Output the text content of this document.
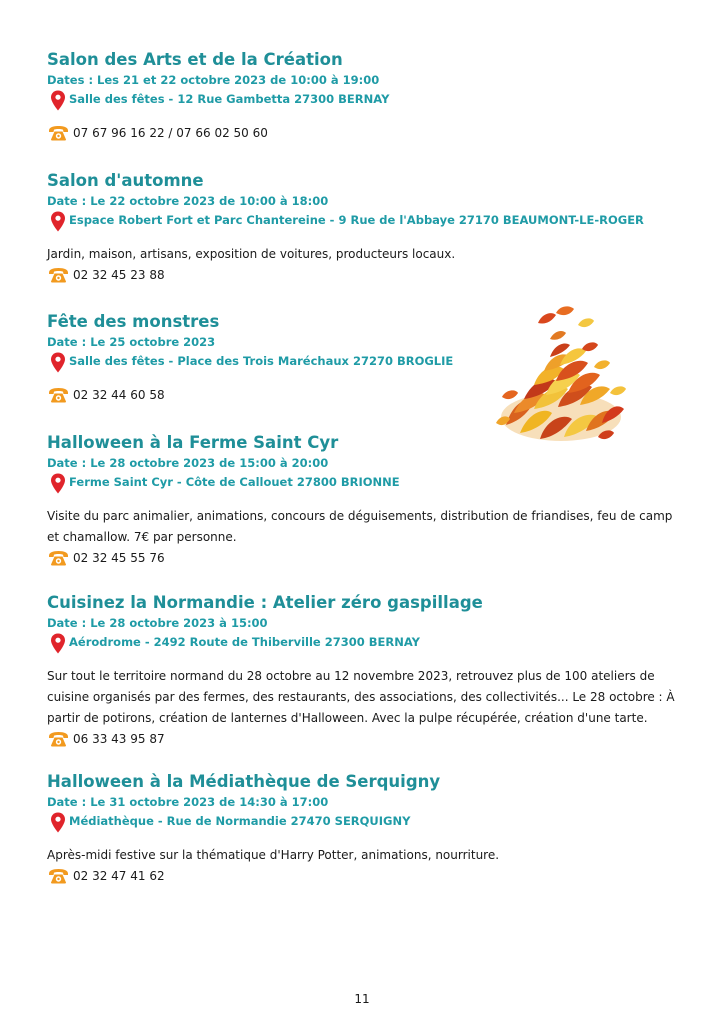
Salon des Arts et de la Création
Dates : Les 21 et 22 octobre 2023 de 10:00 à 19:00
Salle des fêtes - 12 Rue Gambetta 27300 BERNAY
07 67 96 16 22 / 07 66 02 50 60
Salon d'automne
Date : Le 22 octobre 2023 de 10:00 à 18:00
Espace Robert Fort et Parc Chantereine - 9 Rue de l'Abbaye 27170 BEAUMONT-LE-ROGER
Jardin, maison, artisans, exposition de voitures, producteurs locaux.
02 32 45 23 88
Fête des monstres
Date : Le 25 octobre 2023
Salle des fêtes - Place des Trois Maréchaux 27270 BROGLIE
02 32 44 60 58
Halloween à la Ferme Saint Cyr
Date : Le 28 octobre 2023 de 15:00 à 20:00
Ferme Saint Cyr - Côte de Callouet 27800 BRIONNE
Visite du parc animalier, animations, concours de déguisements, distribution de friandises, feu de camp et chamallow. 7€ par personne.
02 32 45 55 76
Cuisinez la Normandie : Atelier zéro gaspillage
Date : Le 28 octobre 2023 à 15:00
Aérodrome - 2492 Route de Thiberville 27300 BERNAY
Sur tout le territoire normand du 28 octobre au 12 novembre 2023, retrouvez plus de 100 ateliers de cuisine organisés par des fermes, des restaurants, des associations, des collectivités... Le 28 octobre : À partir de potirons, création de lanternes d'Halloween. Avec la pulpe récupérée, création d'une tarte.
06 33 43 95 87
Halloween à la Médiathèque de Serquigny
Date : Le 31 octobre 2023 de 14:30 à 17:00
Médiathèque - Rue de Normandie 27470 SERQUIGNY
Après-midi festive sur la thématique d'Harry Potter, animations, nourriture.
02 32 47 41 62
11
